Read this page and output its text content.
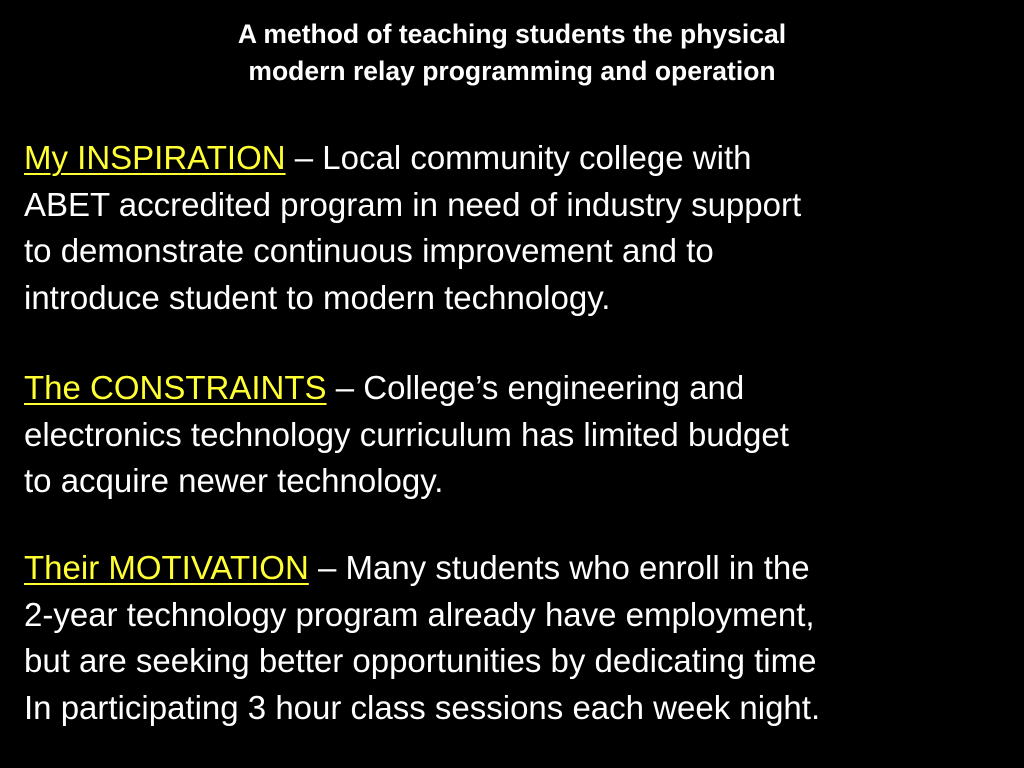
A method of teaching students the physical
modern relay programming and operation
My INSPIRATION – Local community college with
ABET accredited program in need of industry support
to demonstrate continuous improvement and to
introduce student to modern technology.
The CONSTRAINTS – College’s engineering and
electronics technology curriculum has limited budget
to acquire newer technology.
Their MOTIVATION – Many students who enroll in the
2-year technology program already have employment,
but are seeking better opportunities by dedicating time
In participating 3 hour class sessions each week night.
